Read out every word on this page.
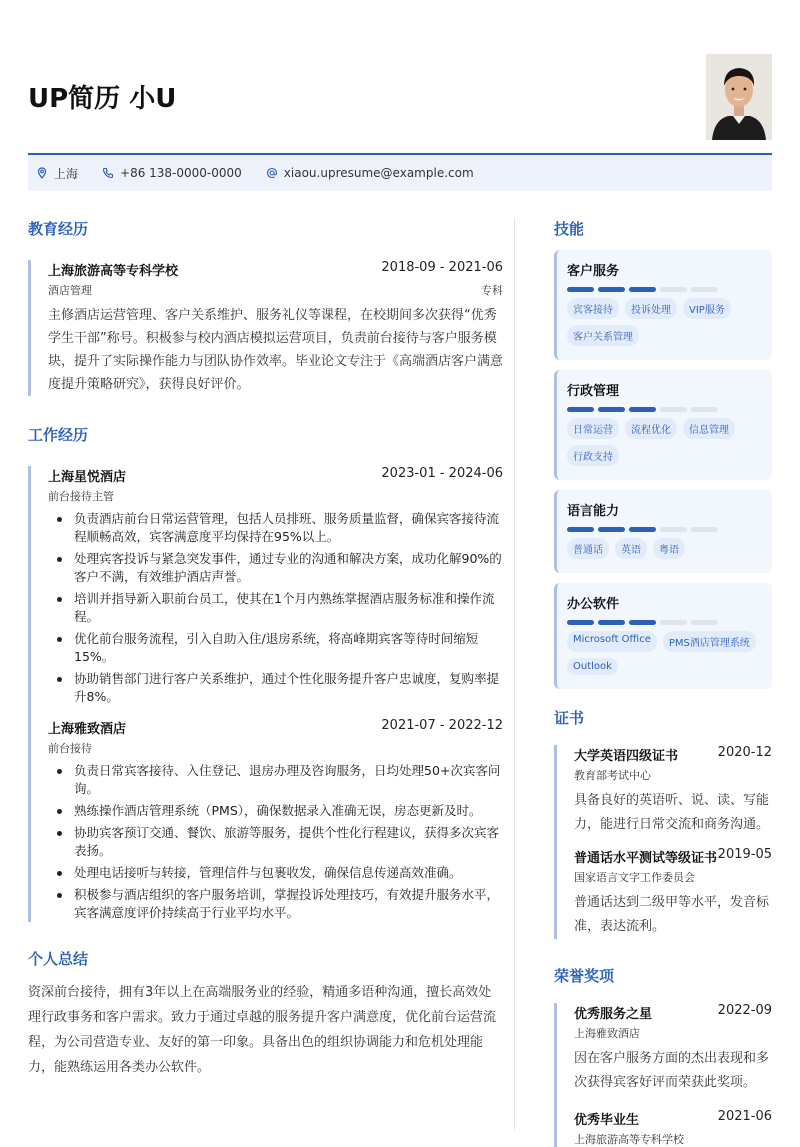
UP简历 小U
上海	+86 138-0000-0000	xiaou.upresume@example.com
教育经历
上海旅游高等专科学校	2018-09 - 2021-06
酒店管理	专科
主修酒店运营管理、客户关系维护、服务礼仪等课程，在校期间多次获得“优秀学生干部”称号。积极参与校内酒店模拟运营项目，负责前台接待与客户服务模块，提升了实际操作能力与团队协作效率。毕业论文专注于《高端酒店客户满意度提升策略研究》，获得良好评价。
工作经历
上海星悦酒店	2023-01 - 2024-06
前台接待主管
负责酒店前台日常运营管理，包括人员排班、服务质量监督，确保宾客接待流程顺畅高效，宾客满意度平均保持在95%以上。
处理宾客投诉与紧急突发事件，通过专业的沟通和解决方案，成功化解90%的客户不满，有效维护酒店声誉。
培训并指导新入职前台员工，使其在1个月内熟练掌握酒店服务标准和操作流程。
优化前台服务流程，引入自助入住/退房系统，将高峰期宾客等待时间缩短15%。
协助销售部门进行客户关系维护，通过个性化服务提升客户忠诚度，复购率提升8%。
上海雅致酒店	2021-07 - 2022-12
前台接待
负责日常宾客接待、入住登记、退房办理及咨询服务，日均处理50+次宾客问询。
熟练操作酒店管理系统（PMS），确保数据录入准确无误，房态更新及时。
协助宾客预订交通、餐饮、旅游等服务，提供个性化行程建议，获得多次宾客表扬。
处理电话接听与转接，管理信件与包裹收发，确保信息传递高效准确。
积极参与酒店组织的客户服务培训，掌握投诉处理技巧，有效提升服务水平，宾客满意度评价持续高于行业平均水平。
个人总结
资深前台接待，拥有3年以上在高端服务业的经验，精通多语种沟通，擅长高效处理行政事务和客户需求。致力于通过卓越的服务提升客户满意度，优化前台运营流程，为公司营造专业、友好的第一印象。具备出色的组织协调能力和危机处理能力，能熟练运用各类办公软件。
技能
客户服务
宾客接待	投诉处理	VIP服务
客户关系管理
行政管理
日常运营	流程优化	信息管理
行政支持
语言能力
普通话	英语	粤语
办公软件
Microsoft Office	PMS酒店管理系统
Outlook
证书
大学英语四级证书	2020-12
教育部考试中心
具备良好的英语听、说、读、写能力，能进行日常交流和商务沟通。
普通话水平测试等级证书 2019-05
国家语言文字工作委员会
普通话达到二级甲等水平，发音标准，表达流利。
荣誉奖项
优秀服务之星	2022-09
上海雅致酒店
因在客户服务方面的杰出表现和多次获得宾客好评而荣获此奖项。
优秀毕业生	2021-06
上海旅游高等专科学校
